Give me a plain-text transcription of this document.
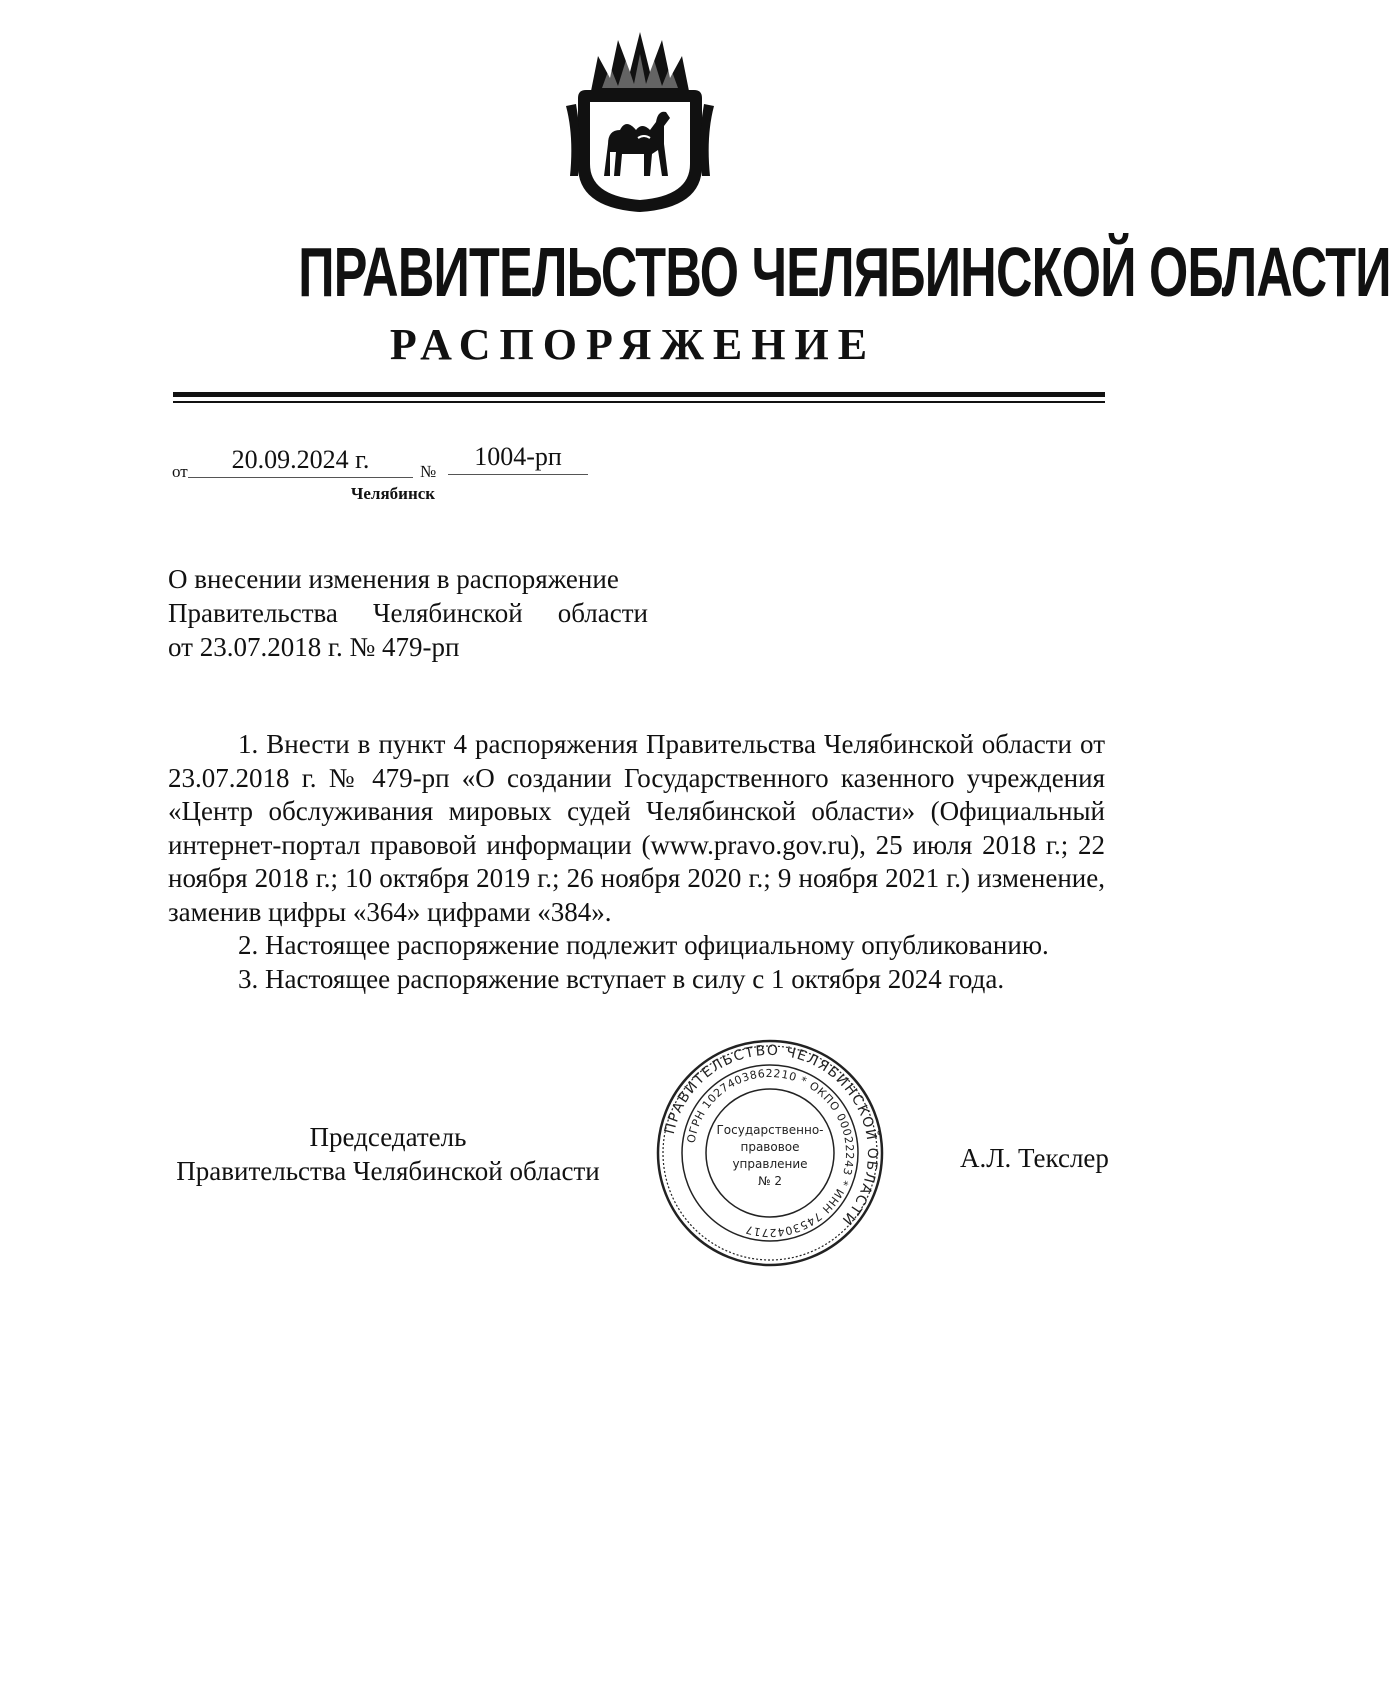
ПРАВИТЕЛЬСТВО ЧЕЛЯБИНСКОЙ ОБЛАСТИ
РАСПОРЯЖЕНИЕ
от	20.09.2024 г.	№
1004-рп
Челябинск
О внесении изменения в распоряжение
Правительства Челябинской области
от 23.07.2018 г. № 479-рп

1. Внести в пункт 4 распоряжения Правительства Челябинской области от 23.07.2018 г. № 479-рп «О создании Государственного казенного учреждения «Центр обслуживания мировых судей Челябинской области» (Официальный интернет-портал правовой информации (www.pravo.gov.ru), 25 июля 2018 г.; 22 ноября 2018 г.; 10 октября 2019 г.; 26 ноября 2020 г.; 9 ноября 2021 г.) изменение, заменив цифры «364» цифрами «384».

2. Настоящее распоряжение подлежит официальному опубликованию.

3. Настоящее распоряжение вступает в силу с 1 октября 2024 года.

Председатель
Правительства Челябинской области	А.Л. Текслер
ПРАВИТЕЛЬСТВО ЧЕЛЯБИНСКОЙ ОБЛАСТИ
ОГРН 1027403862210 * ОКПО 00022243 * ИНН 7453042717
Государственно-
правовое
управление
№ 2
